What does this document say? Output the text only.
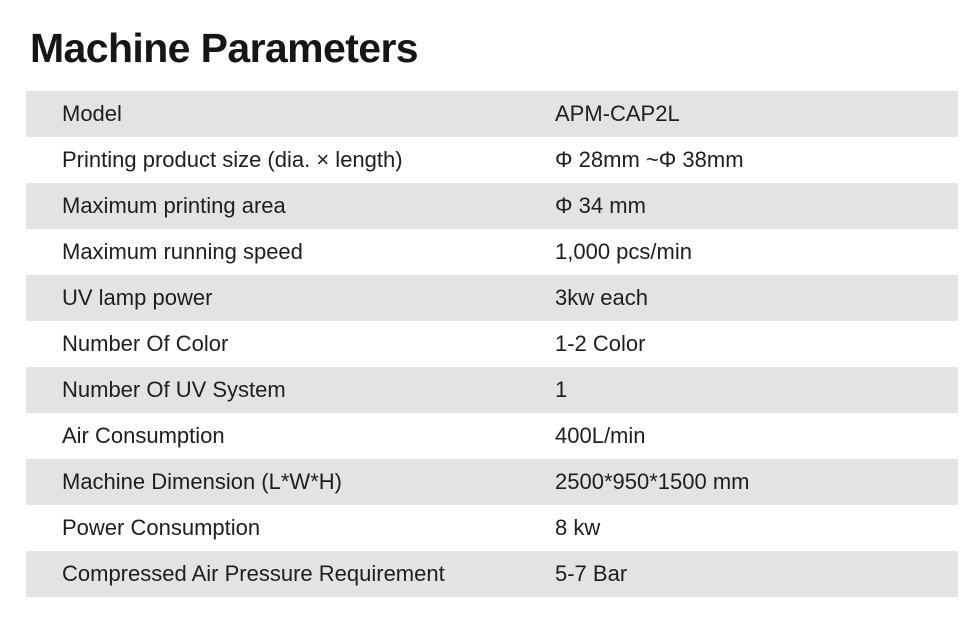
Machine Parameters
Model	APM-CAP2L
Printing product size (dia. × length)	Φ 28mm ~Φ 38mm
Maximum printing area	Φ 34 mm
Maximum running speed	1,000 pcs/min
UV lamp power	3kw each
Number Of Color	1-2 Color
Number Of UV System	1
Air Consumption	400L/min
Machine Dimension (L*W*H)	2500*950*1500 mm
Power Consumption	8 kw
Compressed Air Pressure Requirement	5-7 Bar
